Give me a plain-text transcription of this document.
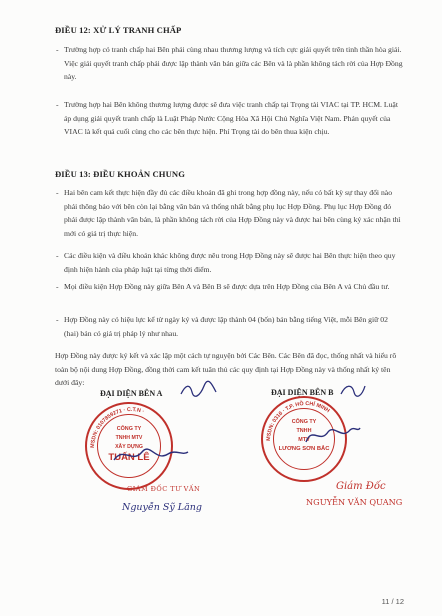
ĐIỀU 12: XỬ LÝ TRANH CHẤP
- Trường hợp có tranh chấp hai Bên phải cùng nhau thương lượng và tích cực giải quyết trên tinh thần hòa giải. Việc giải quyết tranh chấp phải được lập thành văn bản giữa các Bên và là phần không tách rời của Hợp Đồng này.
- Trường hợp hai Bên không thương lượng được sẽ đưa việc tranh chấp tại Trọng tài VIAC tại TP. HCM. Luật áp dụng giải quyết tranh chấp là Luật Pháp Nước Cộng Hòa Xã Hội Chủ Nghĩa Việt Nam. Phán quyết của VIAC là kết quả cuối cùng cho các bên thực hiện. Phí Trọng tài do bên thua kiện chịu.
ĐIỀU 13: ĐIỀU KHOẢN CHUNG
- Hai bên cam kết thực hiện đầy đủ các điều khoản đã ghi trong hợp đồng này, nếu có bất kỳ sự thay đổi nào phải thông báo với bên còn lại bằng văn bản và thống nhất bằng phụ lục Hợp Đồng. Phụ lục Hợp Đồng đó phải được lập thành văn bản, là phần không tách rời của Hợp Đồng này và được hai bên cùng ký xác nhận thì mới có giá trị thực hiện.
- Các điều kiện và điều khoản khác không được nêu trong Hợp Đồng này sẽ được hai Bên thực hiện theo quy định hiện hành của pháp luật tại từng thời điểm.
- Mọi điều kiện Hợp Đồng này giữa Bên A và Bên B sẽ được dựa trên Hợp Đồng của Bên A và Chủ đầu tư.
- Hợp Đồng này có hiệu lực kể từ ngày ký và được lập thành 04 (bốn) bản bằng tiếng Việt, mỗi Bên giữ 02 (hai) bản có giá trị pháp lý như nhau.
Hợp Đồng này được ký kết và xác lập một cách tự nguyện bởi Các Bên. Các Bên đã đọc, thống nhất và hiểu rõ toàn bộ nội dung Hợp Đồng, đồng thời cam kết tuân thủ các quy định tại Hợp Đồng này và thống nhất ký tên dưới đây:
ĐẠI DIỆN BÊN A
MSDN: 0107859271 · C.T.N ·
CÔNG TY
TNHH MTV
XÂY DỰNG
TUẤN LÊ
GIÁM ĐỐC TƯ VẤN
Nguyễn Sỹ Lăng
ĐẠI DIỆN BÊN B
MSDN: 0316 · T.P. HỒ CHÍ MINH
CÔNG TY
TNHH
MTV
LƯƠNG SƠN BẮC
Giám Đốc
NGUYỄN VĂN QUANG
11 / 12
